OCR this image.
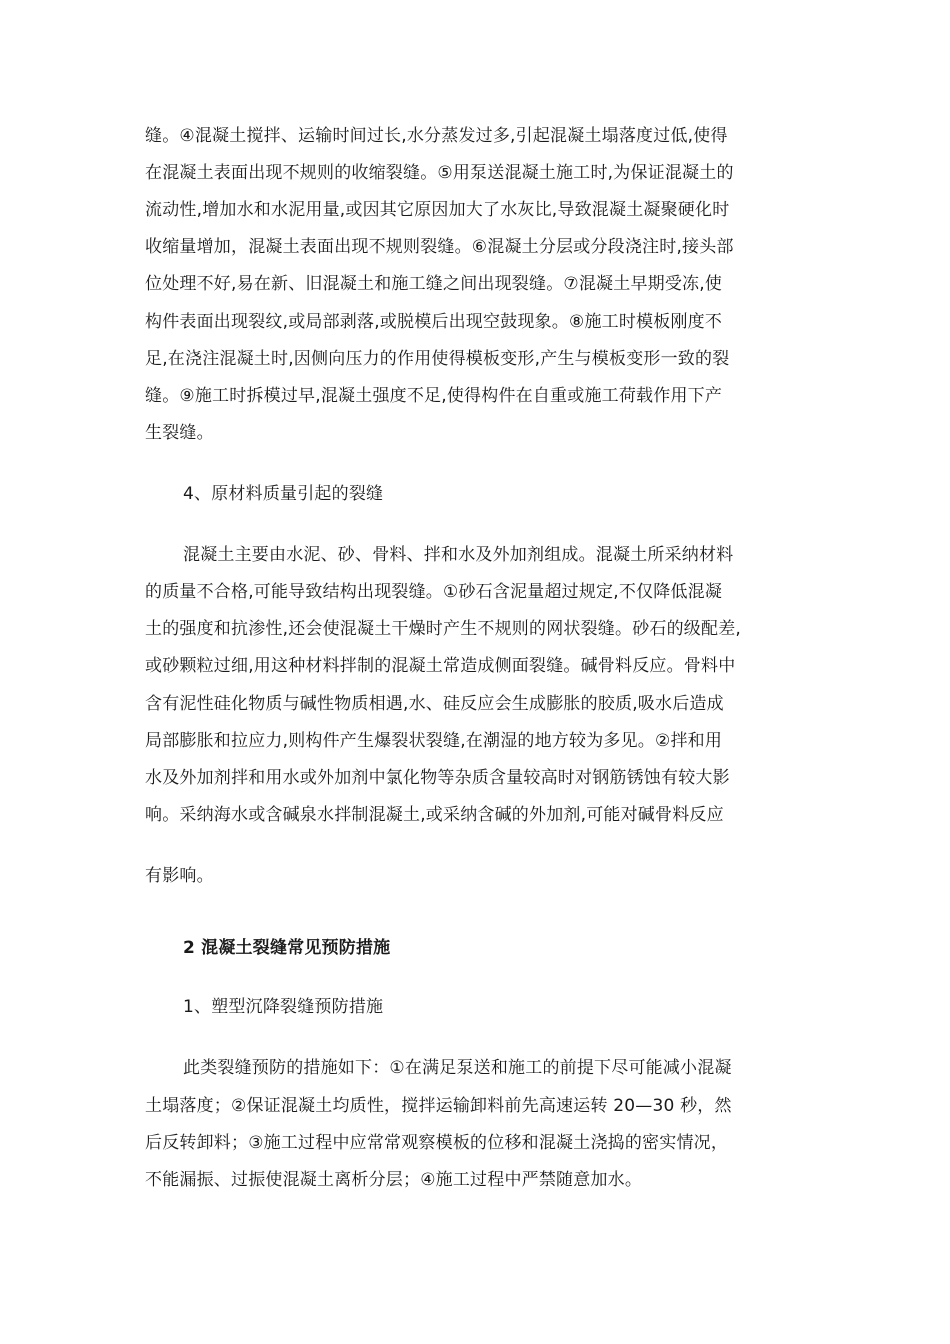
缝。④混凝土搅拌、运输时间过长,水分蒸发过多,引起混凝土塌落度过低,使得
在混凝土表面出现不规则的收缩裂缝。⑤用泵送混凝土施工时,为保证混凝土的
流动性,增加水和水泥用量,或因其它原因加大了水灰比,导致混凝土凝聚硬化时
收缩量增加，混凝土表面出现不规则裂缝。⑥混凝土分层或分段浇注时,接头部
位处理不好,易在新、旧混凝土和施工缝之间出现裂缝。⑦混凝土早期受冻,使
构件表面出现裂纹,或局部剥落,或脱模后出现空鼓现象。⑧施工时模板刚度不
足,在浇注混凝土时,因侧向压力的作用使得模板变形,产生与模板变形一致的裂
缝。⑨施工时拆模过早,混凝土强度不足,使得构件在自重或施工荷载作用下产
生裂缝。
4、原材料质量引起的裂缝
混凝土主要由水泥、砂、骨料、拌和水及外加剂组成。混凝土所采纳材料
的质量不合格,可能导致结构出现裂缝。①砂石含泥量超过规定,不仅降低混凝
土的强度和抗渗性,还会使混凝土干燥时产生不规则的网状裂缝。砂石的级配差,
或砂颗粒过细,用这种材料拌制的混凝土常造成侧面裂缝。碱骨料反应。骨料中
含有泥性硅化物质与碱性物质相遇,水、硅反应会生成膨胀的胶质,吸水后造成
局部膨胀和拉应力,则构件产生爆裂状裂缝,在潮湿的地方较为多见。②拌和用
水及外加剂拌和用水或外加剂中氯化物等杂质含量较高时对钢筋锈蚀有较大影
响。采纳海水或含碱泉水拌制混凝土,或采纳含碱的外加剂,可能对碱骨料反应
有影响。
2 混凝土裂缝常见预防措施
1、塑型沉降裂缝预防措施
此类裂缝预防的措施如下：①在满足泵送和施工的前提下尽可能减小混凝
土塌落度；②保证混凝土均质性，搅拌运输卸料前先高速运转 20—30 秒，然
后反转卸料；③施工过程中应常常观察模板的位移和混凝土浇捣的密实情况，
不能漏振、过振使混凝土离析分层；④施工过程中严禁随意加水。
